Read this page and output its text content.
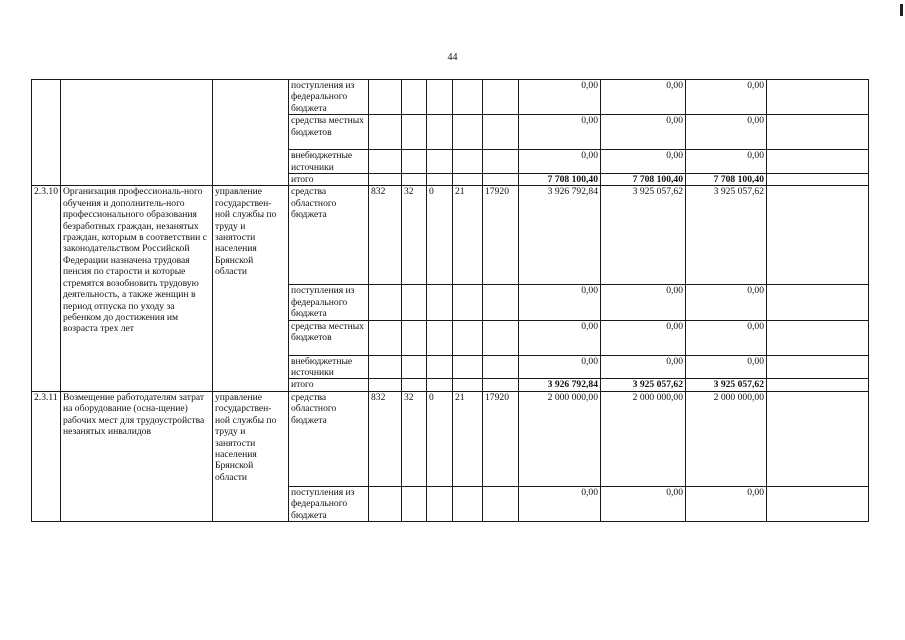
44
			поступления из федерального бюджета						0,00	0,00	0,00	
			средства местных бюджетов						0,00	0,00	0,00	
			внебюджетные источники						0,00	0,00	0,00	
			итого						7 708 100,40	7 708 100,40	7 708 100,40	
2.3.10	Организация профессиональ-ного обучения и дополнитель-ного профессионального образования безработных граждан, незанятых граждан, которым в соответствии с законодательством Российской Федерации назначена трудовая пенсия по старости и которые стремятся возобновить трудовую деятельность, а также женщин в период отпуска по уходу за ребенком до достижения им возраста трех лет	управление государствен-ной службы по труду и занятости населения Брянской области	средства областного бюджета	832	32	0	21	17920	3 926 792,84	3 925 057,62	3 925 057,62	
			поступления из федерального бюджета						0,00	0,00	0,00	
			средства местных бюджетов						0,00	0,00	0,00	
			внебюджетные источники						0,00	0,00	0,00	
			итого						3 926 792,84	3 925 057,62	3 925 057,62	
2.3.11	Возмещение работодателям затрат на оборудование (осна-щение) рабочих мест для трудоустройства незанятых инвалидов	управление государствен-ной службы по труду и занятости населения Брянской области	средства областного бюджета	832	32	0	21	17920	2 000 000,00	2 000 000,00	2 000 000,00	
			поступления из федерального бюджета						0,00	0,00	0,00	
